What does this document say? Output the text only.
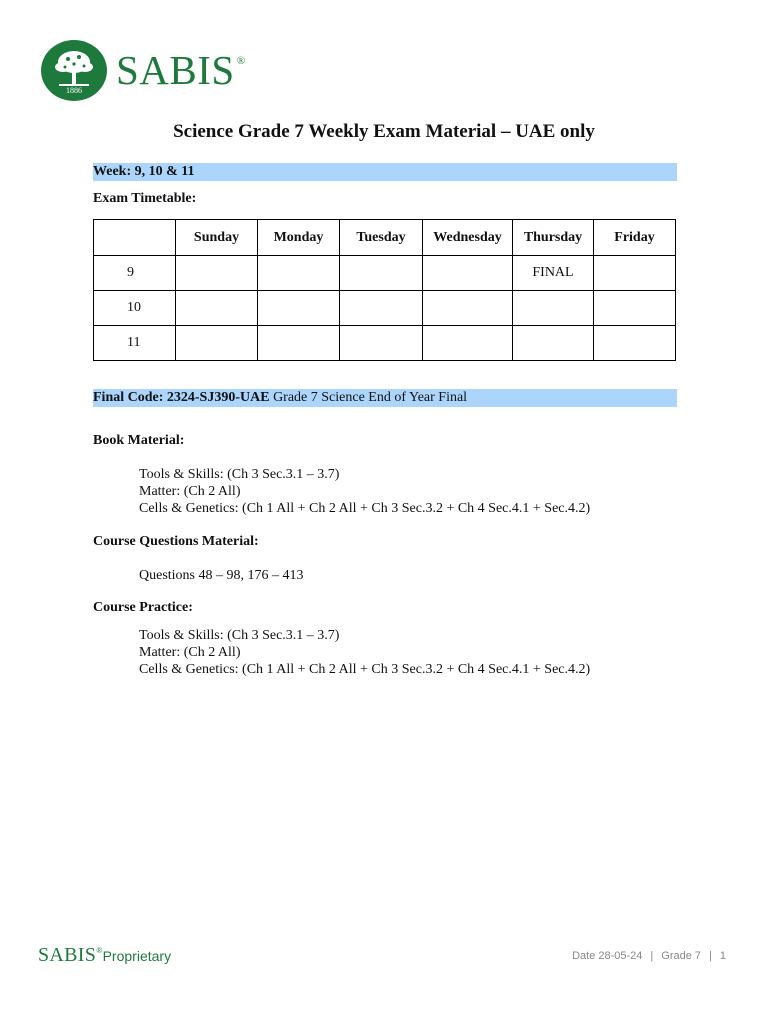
1886 SABIS ®
Science Grade 7 Weekly Exam Material – UAE only
Week: 9, 10 & 11
Exam Timetable:
	Sunday	Monday	Tuesday	Wednesday	Thursday	Friday
9					FINAL	
10						
11						
Final Code: 2324-SJ390-UAE Grade 7 Science End of Year Final
Book Material:
Tools & Skills: (Ch 3 Sec.3.1 – 3.7)
Matter: (Ch 2 All)
Cells & Genetics: (Ch 1 All + Ch 2 All + Ch 3 Sec.3.2 + Ch 4 Sec.4.1 + Sec.4.2)
Course Questions Material:
Questions 48 – 98, 176 – 413
Course Practice:
Tools & Skills: (Ch 3 Sec.3.1 – 3.7)
Matter: (Ch 2 All)
Cells & Genetics: (Ch 1 All + Ch 2 All + Ch 3 Sec.3.2 + Ch 4 Sec.4.1 + Sec.4.2)
SABIS®Proprietary	Date 28-05-24 | Grade 7 | 1
